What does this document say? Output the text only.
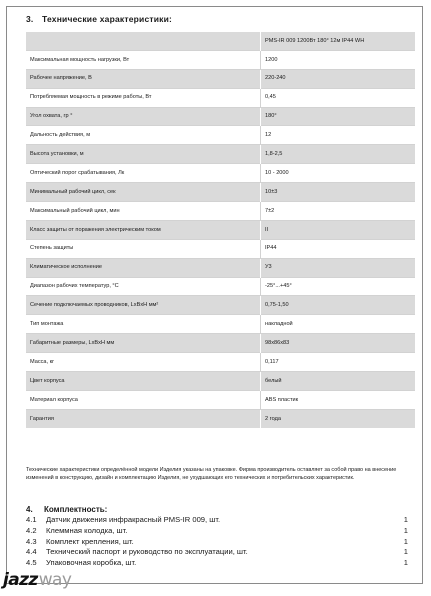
3. Технические характеристики:
	PMS-IR 009 1200Вт 180° 12м IP44 WH
Максимальная мощность нагрузки, Вт	1200
Рабочее напряжение, В	220-240
Потребляемая мощность в режиме работы, Вт	0,45
Угол охвата, гр °	180°
Дальность действия, м	12
Высота установки, м	1,8-2,5
Оптический порог срабатывания, Лк	10 - 2000
Минимальный рабочий цикл, сек	10±3
Максимальный рабочий цикл, мин	7±2
Класс защиты от поражения электрическим током	II
Степень защиты	IP44
Климатическое исполнение	У3
Диапазон рабочих температур, °С	-25°...+45°
Сечение подключаемых проводников, LxBxH мм²	0,75-1,50
Тип монтажа	накладной
Габаритные размеры, LxBxH мм	98x86x83
Масса, кг	0,117
Цвет корпуса	белый
Материал корпуса	ABS пластик
Гарантия	2 года
Технические характеристики определённой модели Изделия указаны на упаковке. Фирма производитель оставляет за собой право на внесение изменений в конструкцию, дизайн и комплектацию Изделия, не ухудшающих его технических и потребительских характеристик.
4. Комплектность:
4.1	Датчик движения инфракрасный PMS-IR 009, шт.	1
4.2	Клеммная колодка, шт.	1
4.3	Комплект крепления, шт.	1
4.4	Технический паспорт и руководство по эксплуатации, шт.	1
4.5	Упаковочная коробка, шт.	1
jazzway
